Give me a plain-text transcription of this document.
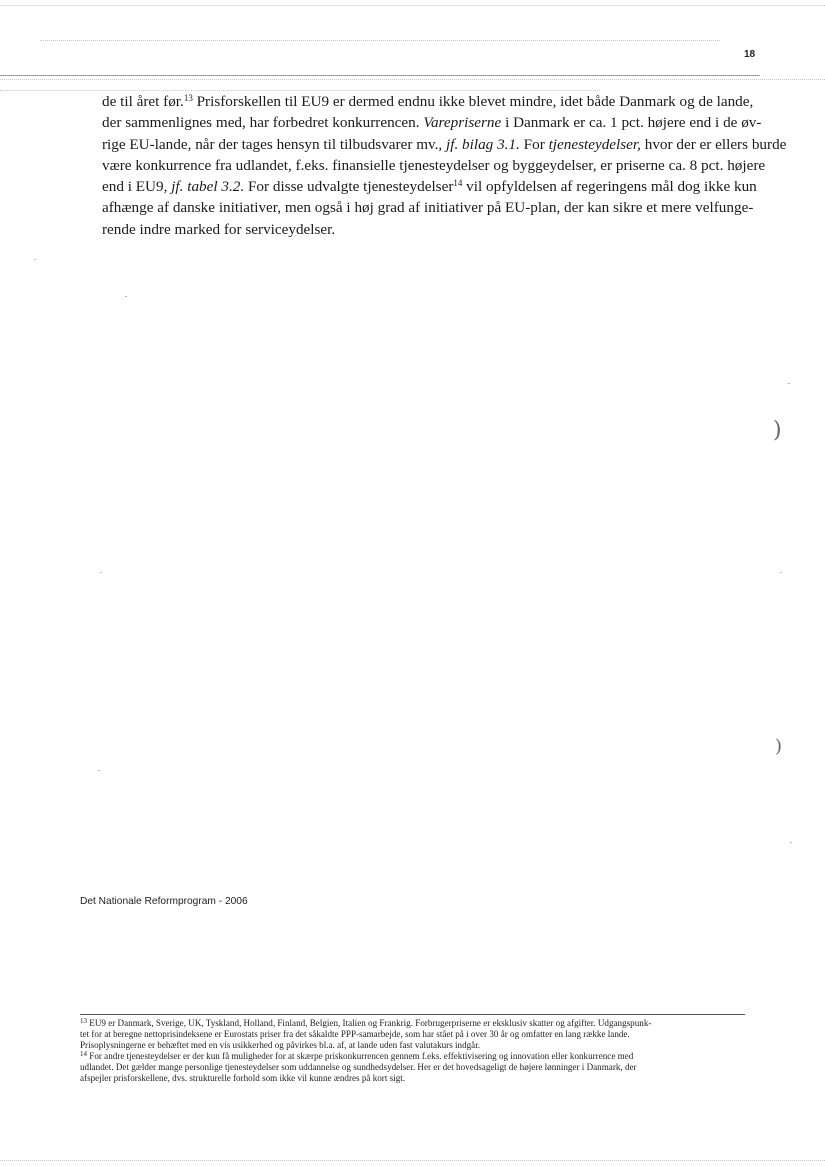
)
)
18

de til året før.$^{13}$ Prisforskellen til EU9 er dermed endnu ikke blevet mindre, idet både Danmark og de lande,

der sammenlignes med, har forbedret konkurrencen. Varepriserne i Danmark er ca. 1 pct. højere end i de øv-

rige EU-lande, når der tages hensyn til tilbudsvarer mv., jf. bilag 3.1. For tjenesteydelser, hvor der er ellers burde

være konkurrence fra udlandet, f.eks. finansielle tjenesteydelser og byggeydelser, er priserne ca. 8 pct. højere

end i EU9, jf. tabel 3.2. For disse udvalgte tjenesteydelser$^{14}$ vil opfyldelsen af regeringens mål dog ikke kun

afhænge af danske initiativer, men også i høj grad af initiativer på EU-plan, der kan sikre et mere velfunge-

rende indre marked for serviceydelser.

Det Nationale Reformprogram - 2006

$^{13}$ EU9 er Danmark, Sverige, UK, Tyskland, Holland, Finland, Belgien, Italien og Frankrig. Forbrugerpriserne er eksklusiv skatter og afgifter. Udgangspunk-

tet for at beregne nettoprisindeksene er Eurostats priser fra det såkaldte PPP-samarbejde, som har stået på i over 30 år og omfatter en lang række lande.

Prisoplysningerne er behæftet med en vis usikkerhed og påvirkes bl.a. af, at lande uden fast valutakurs indgår.

$^{14}$ For andre tjenesteydelser er der kun få muligheder for at skærpe priskonkurrencen gennem f.eks. effektivisering og innovation eller konkurrence med

udlandet. Det gælder mange personlige tjenesteydelser som uddannelse og sundhedsydelser. Her er det hovedsageligt de højere lønninger i Danmark, der

afspejler prisforskellene, dvs. strukturelle forhold som ikke vil kunne ændres på kort sigt.
